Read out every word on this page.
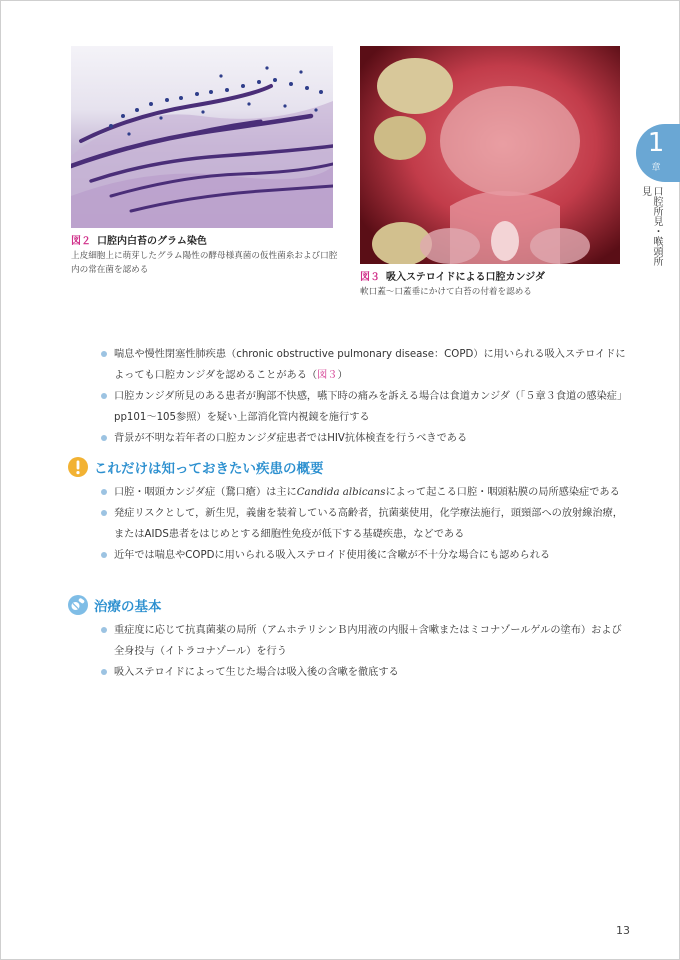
図２ 口腔内白苔のグラム染色
上皮細胞上に萌芽したグラム陽性の酵母様真菌の仮性菌糸および口腔内の常在菌を認める
図３ 吸入ステロイドによる口腔カンジダ
軟口蓋～口蓋垂にかけて白苔の付着を認める
1
章
口腔所見・喉頭所見
喘息や慢性閉塞性肺疾患（chronic obstructive pulmonary disease：COPD）に用いられる吸入ステロイドによっても口腔カンジダを認めることがある（図３）
口腔カンジダ所見のある患者が胸部不快感，嚥下時の痛みを訴える場合は食道カンジダ（「５章３食道の感染症」pp101～105参照）を疑い上部消化管内視鏡を施行する
背景が不明な若年者の口腔カンジダ症患者ではHIV抗体検査を行うべきである
これだけは知っておきたい疾患の概要
口腔・咽頭カンジダ症（鵞口瘡）は主にCandida albicansによって起こる口腔・咽頭粘膜の局所感染症である
発症リスクとして，新生児，義歯を装着している高齢者，抗菌薬使用，化学療法施行，頭頸部への放射線治療，またはAIDS患者をはじめとする細胞性免疫が低下する基礎疾患，などである
近年では喘息やCOPDに用いられる吸入ステロイド使用後に含嗽が不十分な場合にも認められる
治療の基本
重症度に応じて抗真菌薬の局所（アムホテリシンＢ内用液の内服＋含嗽またはミコナゾールゲルの塗布）および全身投与（イトラコナゾール）を行う
吸入ステロイドによって生じた場合は吸入後の含嗽を徹底する
13
